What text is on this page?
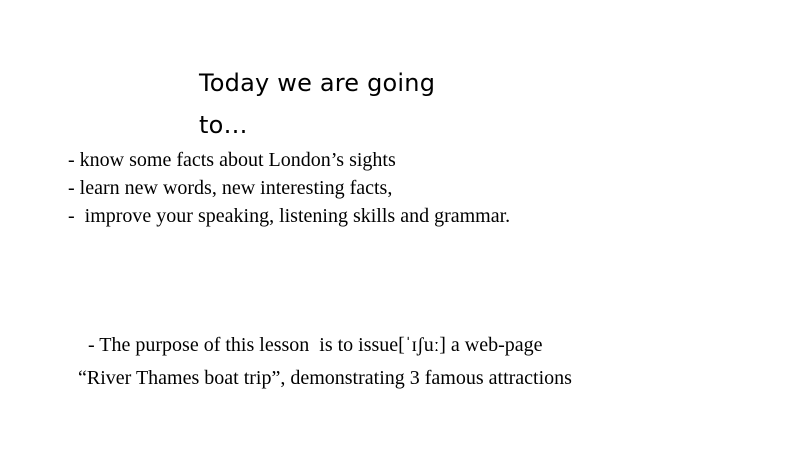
Today we are going
to…
- know some facts about London’s sights
- learn new words, new interesting facts,
-  improve your speaking, listening skills and grammar.

- The purpose of this lesson  is to issue[ˈɪʃuː] a web-page
“River Thames boat trip”, demonstrating 3 famous attractions
